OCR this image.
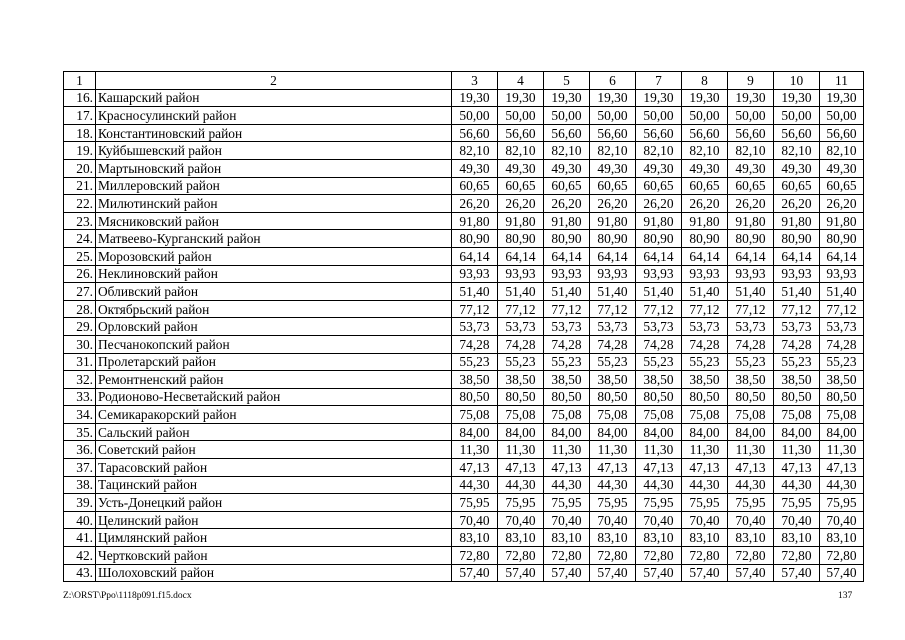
1	2	3	4	5	6	7	8	9	10	11
16.	Кашарский район	19,30	19,30	19,30	19,30	19,30	19,30	19,30	19,30	19,30
17.	Красносулинский район	50,00	50,00	50,00	50,00	50,00	50,00	50,00	50,00	50,00
18.	Константиновский район	56,60	56,60	56,60	56,60	56,60	56,60	56,60	56,60	56,60
19.	Куйбышевский район	82,10	82,10	82,10	82,10	82,10	82,10	82,10	82,10	82,10
20.	Мартыновский район	49,30	49,30	49,30	49,30	49,30	49,30	49,30	49,30	49,30
21.	Миллеровский район	60,65	60,65	60,65	60,65	60,65	60,65	60,65	60,65	60,65
22.	Милютинский район	26,20	26,20	26,20	26,20	26,20	26,20	26,20	26,20	26,20
23.	Мясниковский район	91,80	91,80	91,80	91,80	91,80	91,80	91,80	91,80	91,80
24.	Матвеево-Курганский район	80,90	80,90	80,90	80,90	80,90	80,90	80,90	80,90	80,90
25.	Морозовский район	64,14	64,14	64,14	64,14	64,14	64,14	64,14	64,14	64,14
26.	Неклиновский район	93,93	93,93	93,93	93,93	93,93	93,93	93,93	93,93	93,93
27.	Обливский район	51,40	51,40	51,40	51,40	51,40	51,40	51,40	51,40	51,40
28.	Октябрьский район	77,12	77,12	77,12	77,12	77,12	77,12	77,12	77,12	77,12
29.	Орловский район	53,73	53,73	53,73	53,73	53,73	53,73	53,73	53,73	53,73
30.	Песчанокопский район	74,28	74,28	74,28	74,28	74,28	74,28	74,28	74,28	74,28
31.	Пролетарский район	55,23	55,23	55,23	55,23	55,23	55,23	55,23	55,23	55,23
32.	Ремонтненский район	38,50	38,50	38,50	38,50	38,50	38,50	38,50	38,50	38,50
33.	Родионово-Несветайский район	80,50	80,50	80,50	80,50	80,50	80,50	80,50	80,50	80,50
34.	Семикаракорский район	75,08	75,08	75,08	75,08	75,08	75,08	75,08	75,08	75,08
35.	Сальский район	84,00	84,00	84,00	84,00	84,00	84,00	84,00	84,00	84,00
36.	Советский район	11,30	11,30	11,30	11,30	11,30	11,30	11,30	11,30	11,30
37.	Тарасовский район	47,13	47,13	47,13	47,13	47,13	47,13	47,13	47,13	47,13
38.	Тацинский район	44,30	44,30	44,30	44,30	44,30	44,30	44,30	44,30	44,30
39.	Усть-Донецкий район	75,95	75,95	75,95	75,95	75,95	75,95	75,95	75,95	75,95
40.	Целинский район	70,40	70,40	70,40	70,40	70,40	70,40	70,40	70,40	70,40
41.	Цимлянский район	83,10	83,10	83,10	83,10	83,10	83,10	83,10	83,10	83,10
42.	Чертковский район	72,80	72,80	72,80	72,80	72,80	72,80	72,80	72,80	72,80
43.	Шолоховский район	57,40	57,40	57,40	57,40	57,40	57,40	57,40	57,40	57,40
Z:\ORST\Ppo\1118p091.f15.docx	137
